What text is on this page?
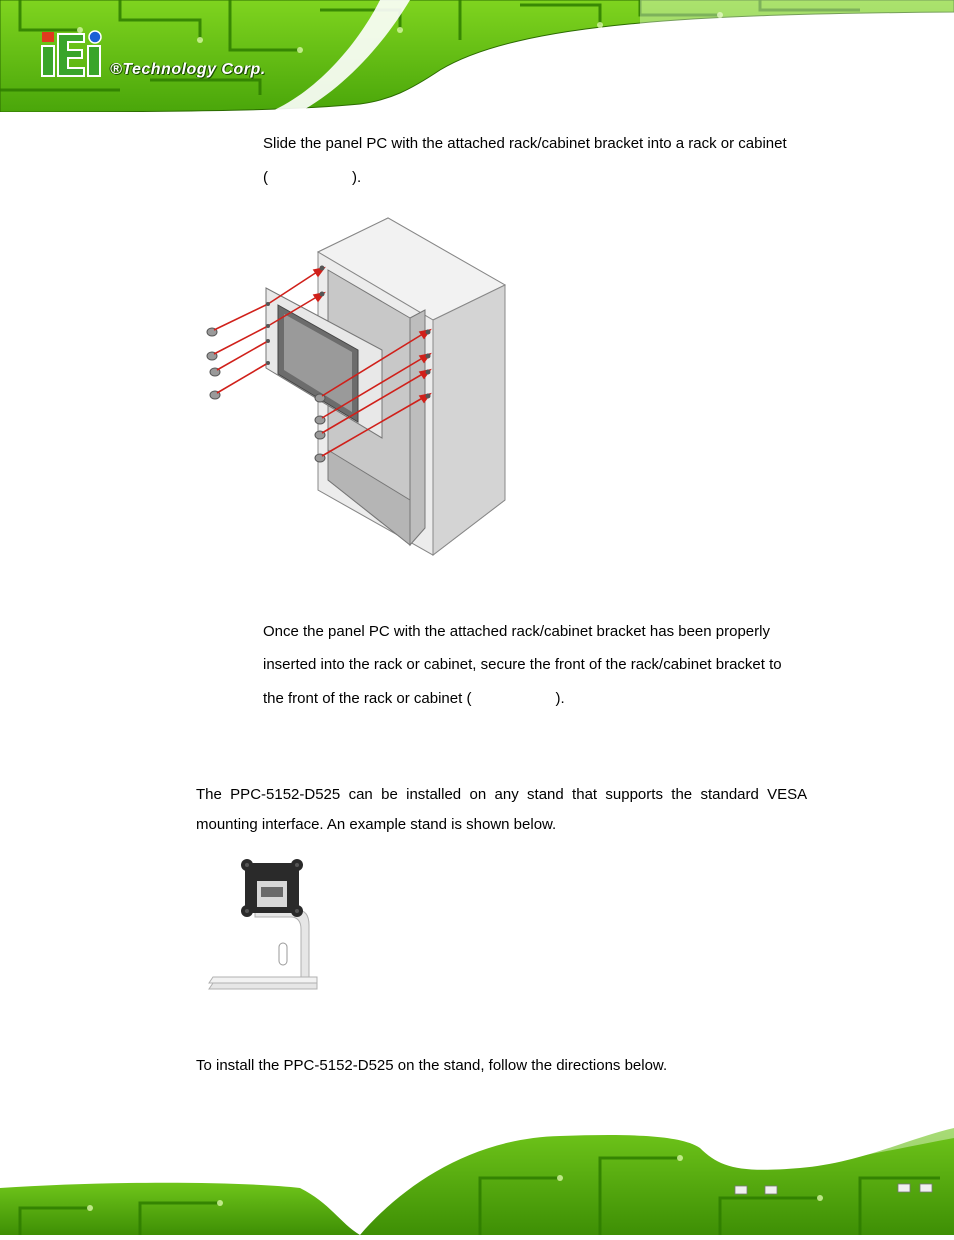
®Technology Corp.
Slide the panel PC with the attached rack/cabinet bracket into a rack or cabinet
(	).
Once the panel PC with the attached rack/cabinet bracket has been properly
inserted into the rack or cabinet, secure the front of the rack/cabinet bracket to
the front of the rack or cabinet (	).
The  PPC-5152-D525  can  be  installed  on  any  stand  that  supports  the  standard  VESA
mounting interface. An example stand is shown below.
To install the PPC-5152-D525 on the stand, follow the directions below.
